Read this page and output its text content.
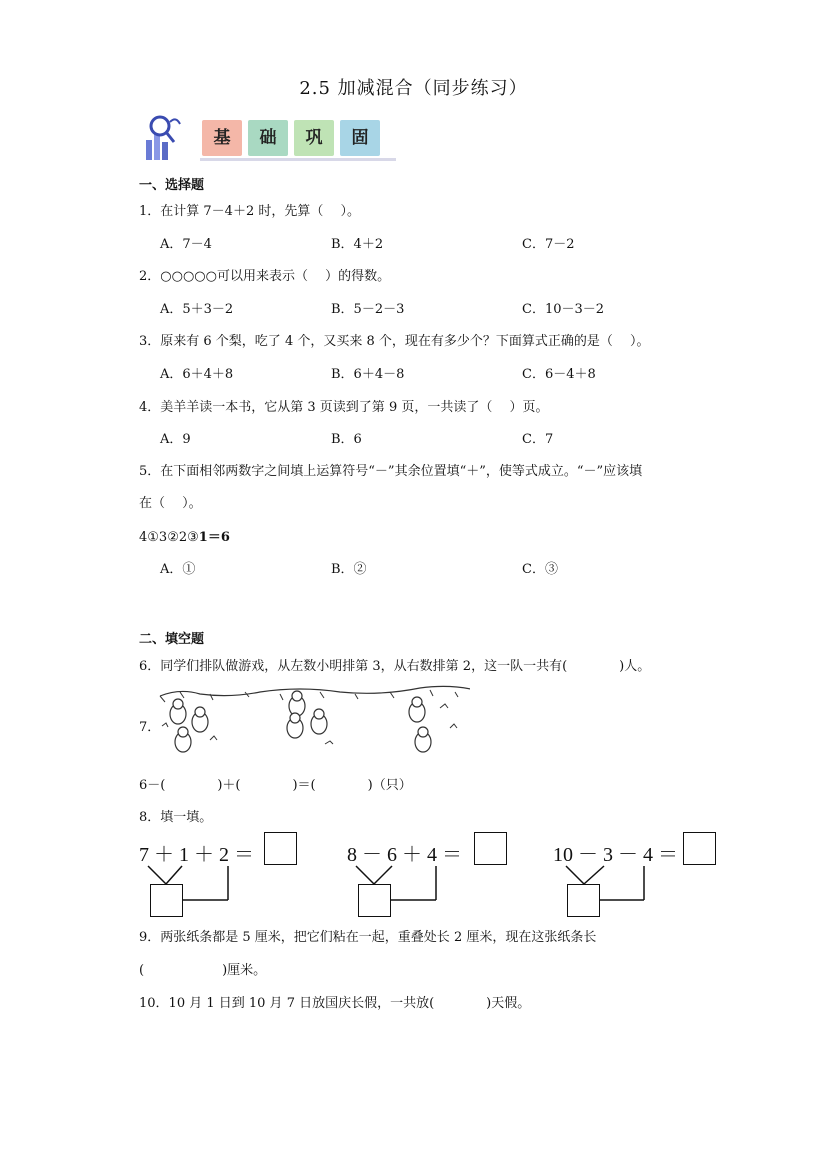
2.5 加减混合（同步练习）
基	础	巩	固
一、选择题
1．在计算 7－4＋2 时，先算（　 ）。
A．7－4	B．4＋2	C．7－2
2．○○○○○可以用来表示（　 ）的得数。
A．5＋3－2	B．5－2－3	C．10－3－2
3．原来有 6 个梨，吃了 4 个，又买来 8 个，现在有多少个？下面算式正确的是（　 ）。
A．6＋4＋8	B．6＋4－8	C．6－4＋8
4．美羊羊读一本书，它从第 3 页读到了第 9 页，一共读了（　 ）页。
A．9	B．6	C．7
5．在下面相邻两数字之间填上运算符号“－”其余位置填“＋”，使等式成立。“－”应该填
在（　 ）。
4①3②2③1＝6
A．①	B．②	C．③
二、填空题
6．同学们排队做游戏，从左数小明排第 3，从右数排第 2，这一队一共有(　　　　)人。
7．
6－(　　　　)＋(　　　　)＝(　　　　)（只）
8．填一填。
7 ＋ 1 ＋ 2 ＝	8 － 6 ＋ 4 ＝	10 － 3 － 4 ＝
9．两张纸条都是 5 厘米，把它们粘在一起，重叠处长 2 厘米，现在这张纸条长
(　　　　　　)厘米。
10．10 月 1 日到 10 月 7 日放国庆长假，一共放(　　　　)天假。
